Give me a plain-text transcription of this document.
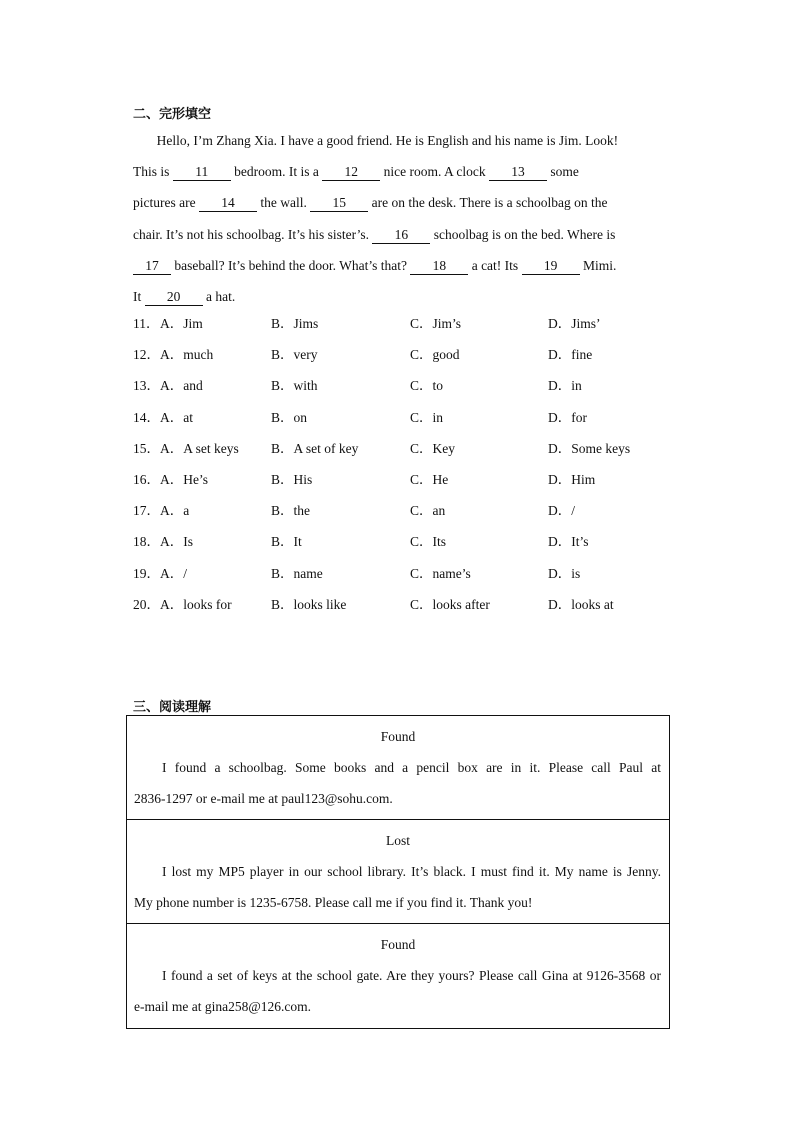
二、完形填空
Hello, I’m Zhang Xia. I have a good friend. He is English and his name is Jim. Look!
This is 11 bedroom. It is a 12 nice room. A clock 13 some
pictures are 14 the wall. 15 are on the desk. There is a schoolbag on the
chair. It’s not his schoolbag. It’s his sister’s. 16 schoolbag is on the bed. Where is
17 baseball? It’s behind the door. What’s that? 18 a cat! Its 19 Mimi.
It 20 a hat.
11． A．Jim	B．Jims	C．Jim’s	D．Jims’
12． A．much	B．very	C．good	D．fine
13． A．and	B．with	C．to	D．in
14． A．at	B．on	C．in	D．for
15． A．A set keys B．A set of key	C．Key	D．Some keys
16． A．He’s	B．His	C．He	D．Him
17． A．a	B．the	C．an	D．/
18． A．Is	B．It	C．Its	D．It’s
19． A．/	B．name	C．name’s	D．is
20． A．looks for	B．looks like	C．looks after	D．looks at
三、阅读理解
Found
I found a schoolbag. Some books and a pencil box are in it. Please call Paul at
2836-1297 or e-mail me at paul123@sohu.com.
Lost
I lost my MP5 player in our school library. It’s black. I must find it. My name is Jenny.
My phone number is 1235-6758. Please call me if you find it. Thank you!
Found
I found a set of keys at the school gate. Are they yours? Please call Gina at 9126-3568 or
e-mail me at gina258@126.com.
